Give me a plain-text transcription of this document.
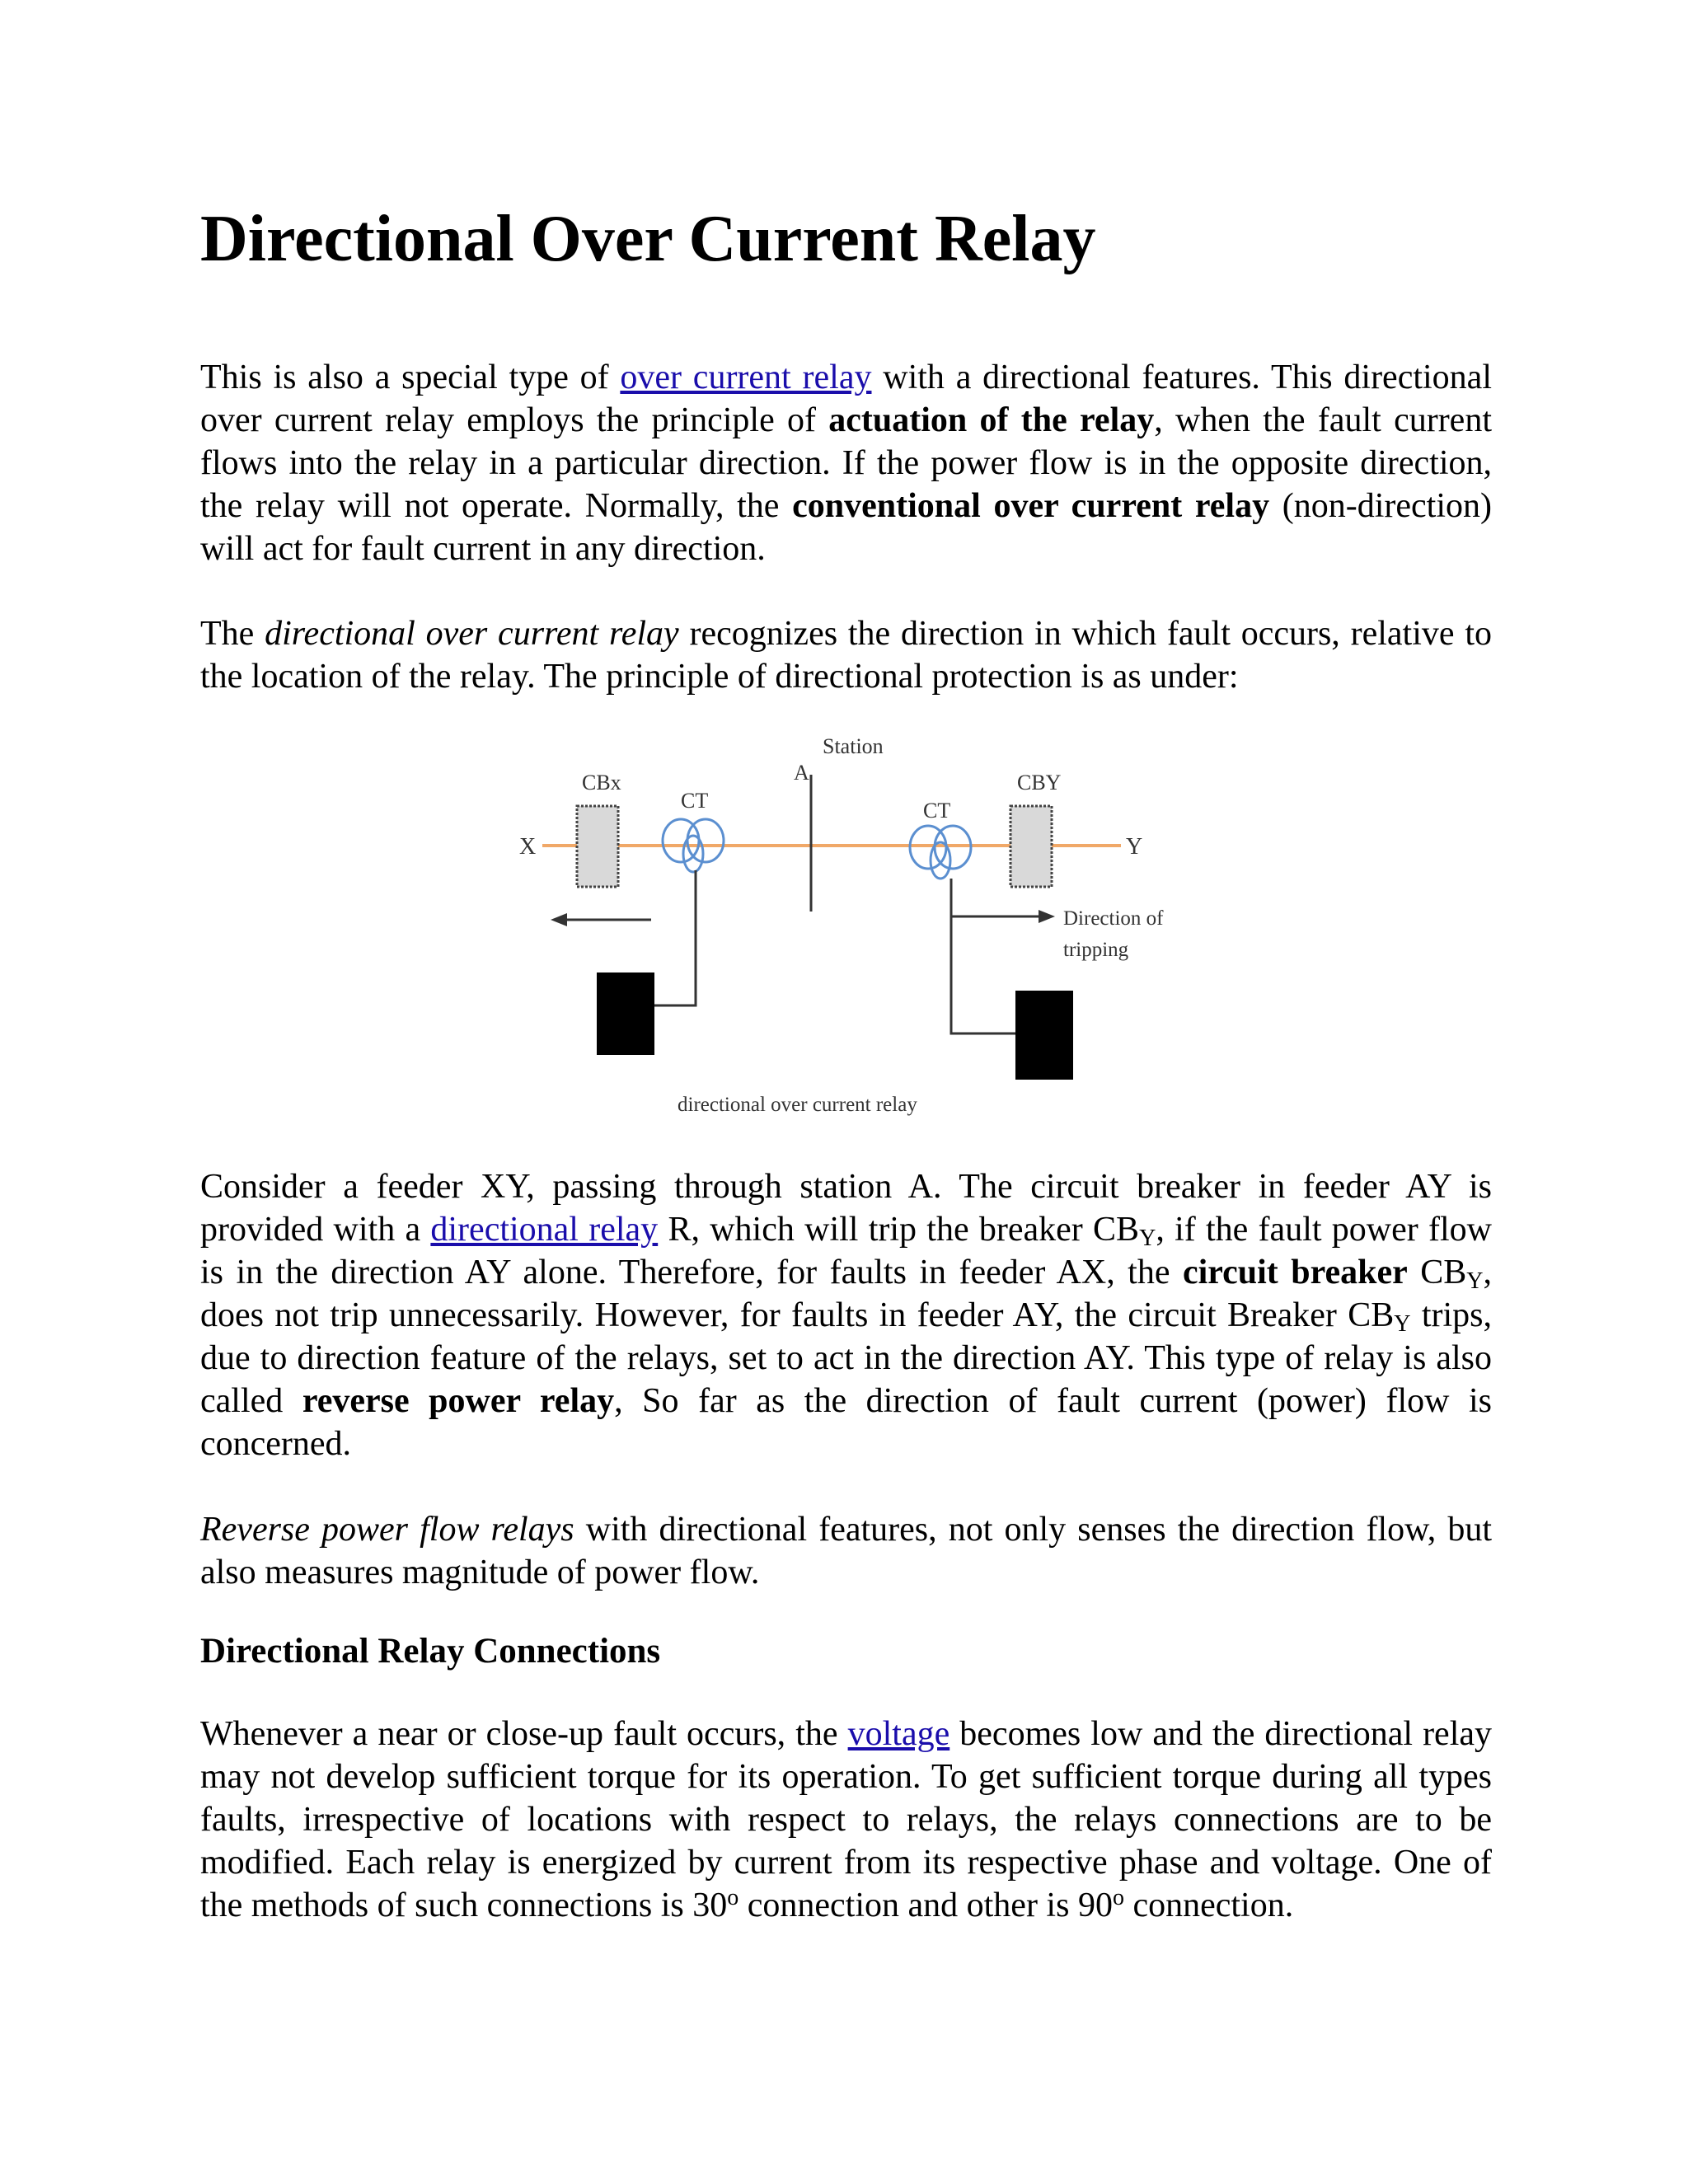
Directional Over Current Relay

This is also a special type of over current relay with a directional features. This directional over current relay employs the principle of actuation of the relay, when the fault current flows into the relay in a particular direction. If the power flow is in the opposite direction, the relay will not operate. Normally, the conventional over current relay (non-direction) will act for fault current in any direction.

The directional over current relay recognizes the direction in which fault occurs, relative to the location of the relay. The principle of directional protection is as under:

Station
A
X	Y
CBx	CBY
CT	CT
Direction of
tripping
directional over current relay

Consider a feeder XY, passing through station A. The circuit breaker in feeder AY is provided with a directional relay R, which will trip the breaker $CB_Y$, if the fault power flow is in the direction AY alone. Therefore, for faults in feeder AX, the circuit breaker $CB_Y$, does not trip unnecessarily. However, for faults in feeder AY, the circuit Breaker $CB_Y$ trips, due to direction feature of the relays, set to act in the direction AY. This type of relay is also called reverse power relay, So far as the direction of fault current (power) flow is concerned.

Reverse power flow relays with directional features, not only senses the direction flow, but also measures magnitude of power flow.

Directional Relay Connections

Whenever a near or close-up fault occurs, the voltage becomes low and the directional relay may not develop sufficient torque for its operation. To get sufficient torque during all types faults, irrespective of locations with respect to relays, the relays connections are to be modified. Each relay is energized by current from its respective phase and voltage. One of the methods of such connections is 30$^o$ connection and other is 90$^o$ connection.
